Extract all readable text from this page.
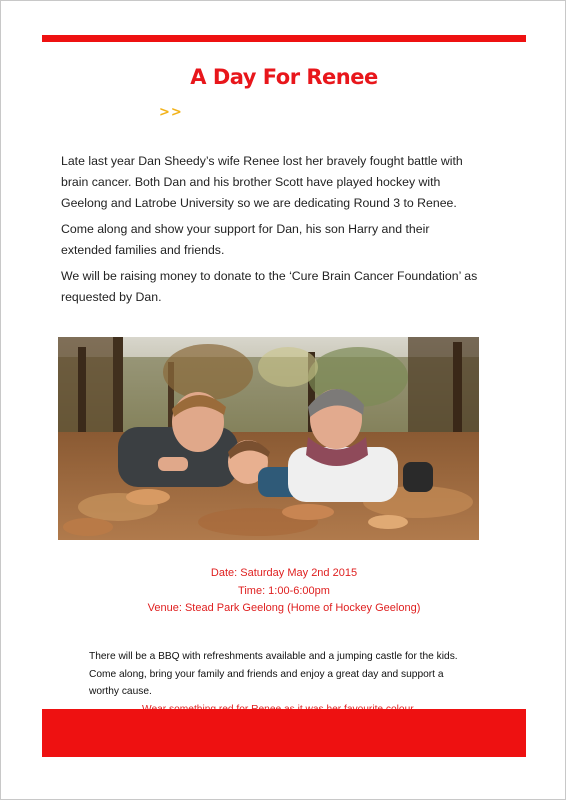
A Day For Renee
>>

Late last year Dan Sheedy’s wife Renee lost her bravely fought battle with brain cancer. Both Dan and his brother Scott have played hockey with Geelong and Latrobe University so we are dedicating Round 3 to Renee.

Come along and show your support for Dan, his son Harry and their extended families and friends.

We will be raising money to donate to the ‘Cure Brain Cancer Foundation’ as requested by Dan.

Date: Saturday May 2nd 2015
Time: 1:00-6:00pm
Venue: Stead Park Geelong (Home of Hockey Geelong)
There will be a BBQ with refreshments available and a jumping castle for the kids. Come along, bring your family and friends and enjoy a great day and support a worthy cause.
